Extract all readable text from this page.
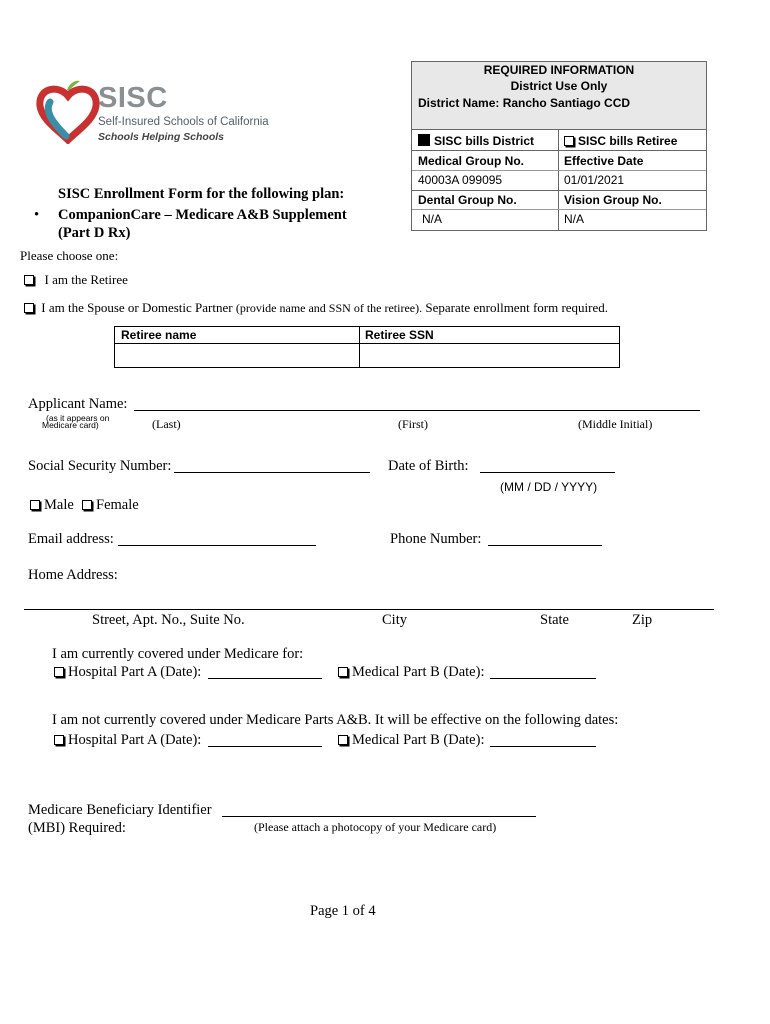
SISC
Self-Insured Schools of California
Schools Helping Schools
REQUIRED INFORMATION
District Use Only
District Name: Rancho Santiago CCD
SISC bills District	SISC bills Retiree
Medical Group No.	Effective Date
40003A 099095	01/01/2021
Dental Group No.	Vision Group No.
N/A	N/A
SISC Enrollment Form for the following plan:
• CompanionCare – Medicare A&B Supplement
(Part D Rx)
Please choose one:
I am the Retiree
I am the Spouse or Domestic Partner (provide name and SSN of the retiree). Separate enrollment form required.
Retiree name	Retiree SSN
Applicant Name:
(as it appears on
Medicare card)	(Last)	(First)	(Middle Initial)
Social Security Number:	Date of Birth:
(MM / DD / YYYY)
Male	Female
Email address:	Phone Number:
Home Address:
Street, Apt. No., Suite No.	City	State	Zip
I am currently covered under Medicare for:
Hospital Part A (Date):	Medical Part B (Date):
I am not currently covered under Medicare Parts A&B. It will be effective on the following dates:
Hospital Part A (Date):	Medical Part B (Date):
Medicare Beneficiary Identifier
(MBI) Required:	(Please attach a photocopy of your Medicare card)
Page 1 of 4
